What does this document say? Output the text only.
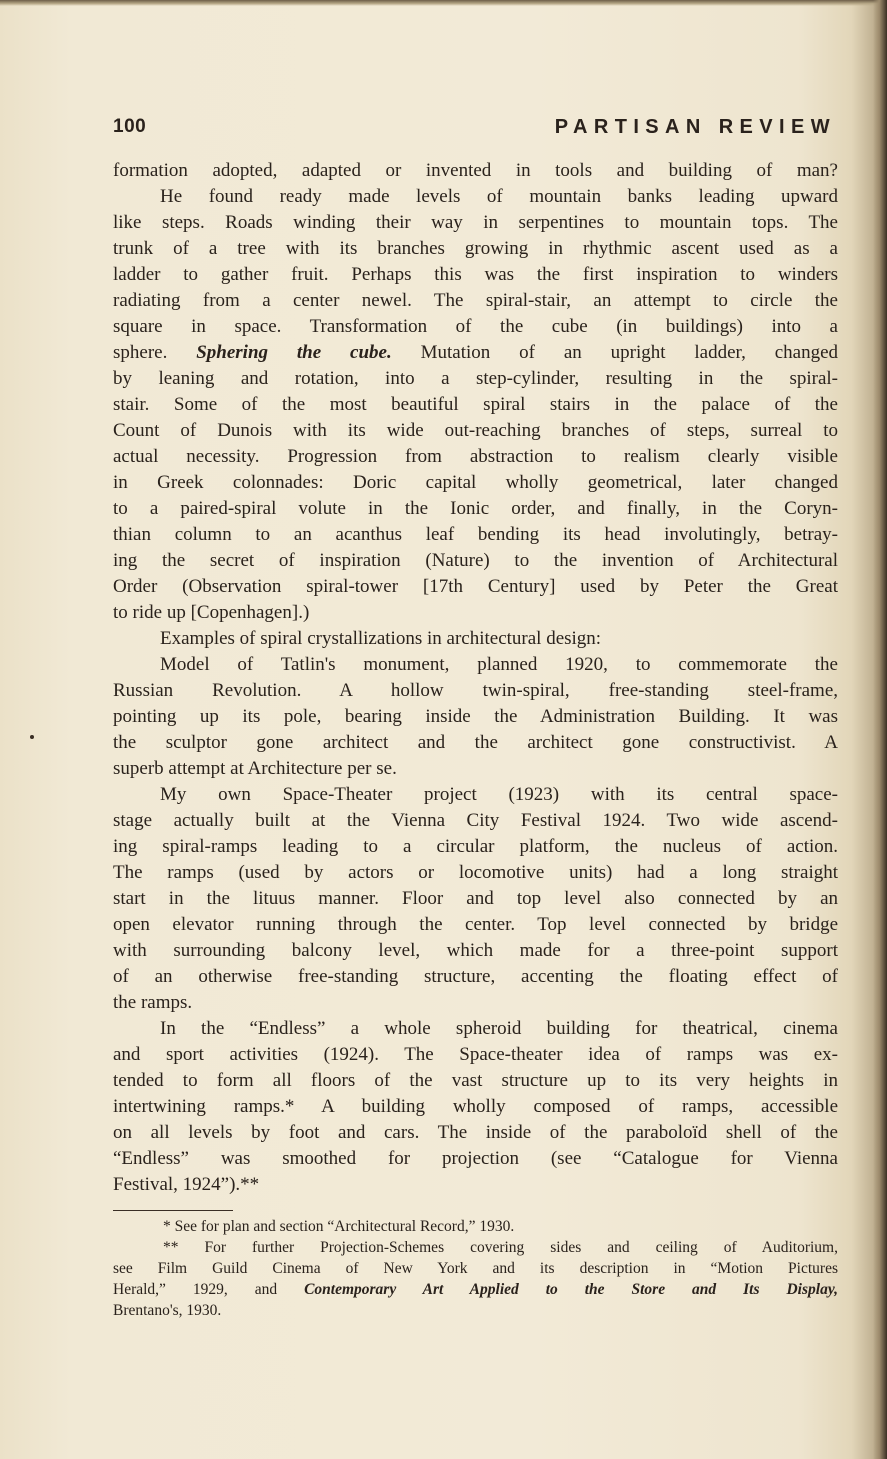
100	PARTISAN REVIEW
formation adopted, adapted or invented in tools and building of man?
He found ready made levels of mountain banks leading upward
like steps. Roads winding their way in serpentines to mountain tops. The
trunk of a tree with its branches growing in rhythmic ascent used as a
ladder to gather fruit. Perhaps this was the first inspiration to winders
radiating from a center newel. The spiral-stair, an attempt to circle the
square in space. Transformation of the cube (in buildings) into a
sphere. Sphering the cube. Mutation of an upright ladder, changed
by leaning and rotation, into a step-cylinder, resulting in the spiral-
stair. Some of the most beautiful spiral stairs in the palace of the
Count of Dunois with its wide out-reaching branches of steps, surreal to
actual necessity. Progression from abstraction to realism clearly visible
in Greek colonnades: Doric capital wholly geometrical, later changed
to a paired-spiral volute in the Ionic order, and finally, in the Coryn-
thian column to an acanthus leaf bending its head involutingly, betray-
ing the secret of inspiration (Nature) to the invention of Architectural
Order (Observation spiral-tower [17th Century] used by Peter the Great
to ride up [Copenhagen].)
Examples of spiral crystallizations in architectural design:
Model of Tatlin's monument, planned 1920, to commemorate the
Russian Revolution. A hollow twin-spiral, free-standing steel-frame,
pointing up its pole, bearing inside the Administration Building. It was
the sculptor gone architect and the architect gone constructivist. A
superb attempt at Architecture per se.
My own Space-Theater project (1923) with its central space-
stage actually built at the Vienna City Festival 1924. Two wide ascend-
ing spiral-ramps leading to a circular platform, the nucleus of action.
The ramps (used by actors or locomotive units) had a long straight
start in the lituus manner. Floor and top level also connected by an
open elevator running through the center. Top level connected by bridge
with surrounding balcony level, which made for a three-point support
of an otherwise free-standing structure, accenting the floating effect of
the ramps.
In the “Endless” a whole spheroid building for theatrical, cinema
and sport activities (1924). The Space-theater idea of ramps was ex-
tended to form all floors of the vast structure up to its very heights in
intertwining ramps.* A building wholly composed of ramps, accessible
on all levels by foot and cars. The inside of the paraboloïd shell of the
“Endless” was smoothed for projection (see “Catalogue for Vienna
Festival, 1924”).**
* See for plan and section “Architectural Record,” 1930.
** For further Projection-Schemes covering sides and ceiling of Auditorium,
see Film Guild Cinema of New York and its description in “Motion Pictures
Herald,” 1929, and Contemporary Art Applied to the Store and Its Display,
Brentano's, 1930.
